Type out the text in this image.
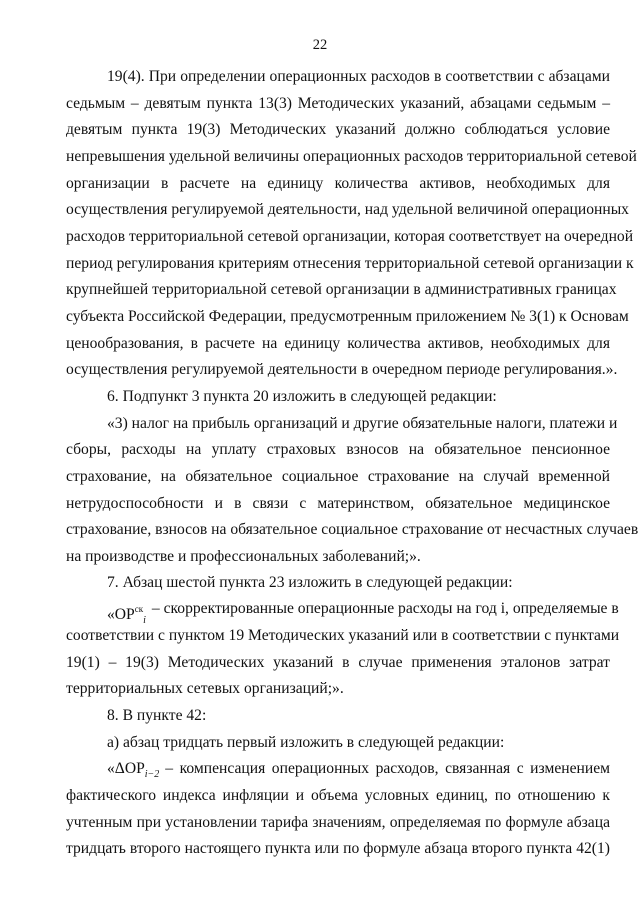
22
19(4). При определении операционных расходов в соответствии с абзацами
седьмым – девятым пункта 13(3) Методических указаний, абзацами седьмым –
девятым пункта 19(3) Методических указаний должно соблюдаться условие
непревышения удельной величины операционных расходов территориальной сетевой
организации в расчете на единицу количества активов, необходимых для
осуществления регулируемой деятельности, над удельной величиной операционных
расходов территориальной сетевой организации, которая соответствует на очередной
период регулирования критериям отнесения территориальной сетевой организации к
крупнейшей территориальной сетевой организации в административных границах
субъекта Российской Федерации, предусмотренным приложением № 3(1) к Основам
ценообразования, в расчете на единицу количества активов, необходимых для
осуществления регулируемой деятельности в очередном периоде регулирования.».
6. Подпункт 3 пункта 20 изложить в следующей редакции:
«3) налог на прибыль организаций и другие обязательные налоги, платежи и
сборы, расходы на уплату страховых взносов на обязательное пенсионное
страхование, на обязательное социальное страхование на случай временной
нетрудоспособности и в связи с материнством, обязательное медицинское
страхование, взносов на обязательное социальное страхование от несчастных случаев
на производстве и профессиональных заболеваний;».
7. Абзац шестой пункта 23 изложить в следующей редакции:
«$ОР^{ск}_i$
– скорректированные операционные расходы на год i, определяемые в
соответствии с пунктом 19 Методических указаний или в соответствии с пунктами
19(1) – 19(3) Методических указаний в случае применения эталонов затрат
территориальных сетевых организаций;».
8. В пункте 42:
а) абзац тридцать первый изложить в следующей редакции:
«$\Delta ОР_{i-2}$ – компенсация операционных расходов, связанная с изменением
фактического индекса инфляции и объема условных единиц, по отношению к
учтенным при установлении тарифа значениям, определяемая по формуле абзаца
тридцать второго настоящего пункта или по формуле абзаца второго пункта 42(1)
